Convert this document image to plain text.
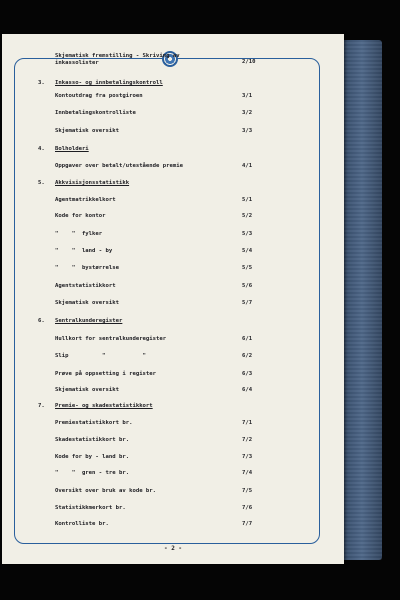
Skjematisk fremstilling - Skriving av inkassolister	2/10
3. Inkasso- og innbetalingskontroll
Kontoutdrag fra postgiroen	3/1
Innbetalingskontrolliste	3/2
Skjematisk oversikt	3/3
4. Bolholderi
Oppgaver over betalt/utestående premie	4/1
5. Akkvisisjonsstatistikk
Agentmatrikkelkort	5/1
Kode for kontor	5/2
"    "  fylker	5/3
"    "  land - by	5/4
"    "  bystørrelse	5/5
Agentstatistikkort	5/6
Skjematisk oversikt	5/7
6. Sentralkunderegister
Hullkort for sentralkunderegister	6/1
Slip          "           "	6/2
Prøve på oppsetting i register	6/3
Skjematisk oversikt	6/4
7. Premie- og skadestatistikkort
Premiestatistikkort br.	7/1
Skadestatistikkort br.	7/2
Kode for by - land br.	7/3
"    "  gren - tre br.	7/4
Oversikt over bruk av kode br.	7/5
Statistikkmerkort br.	7/6
Kontrolliste br.	7/7
- 2 -
